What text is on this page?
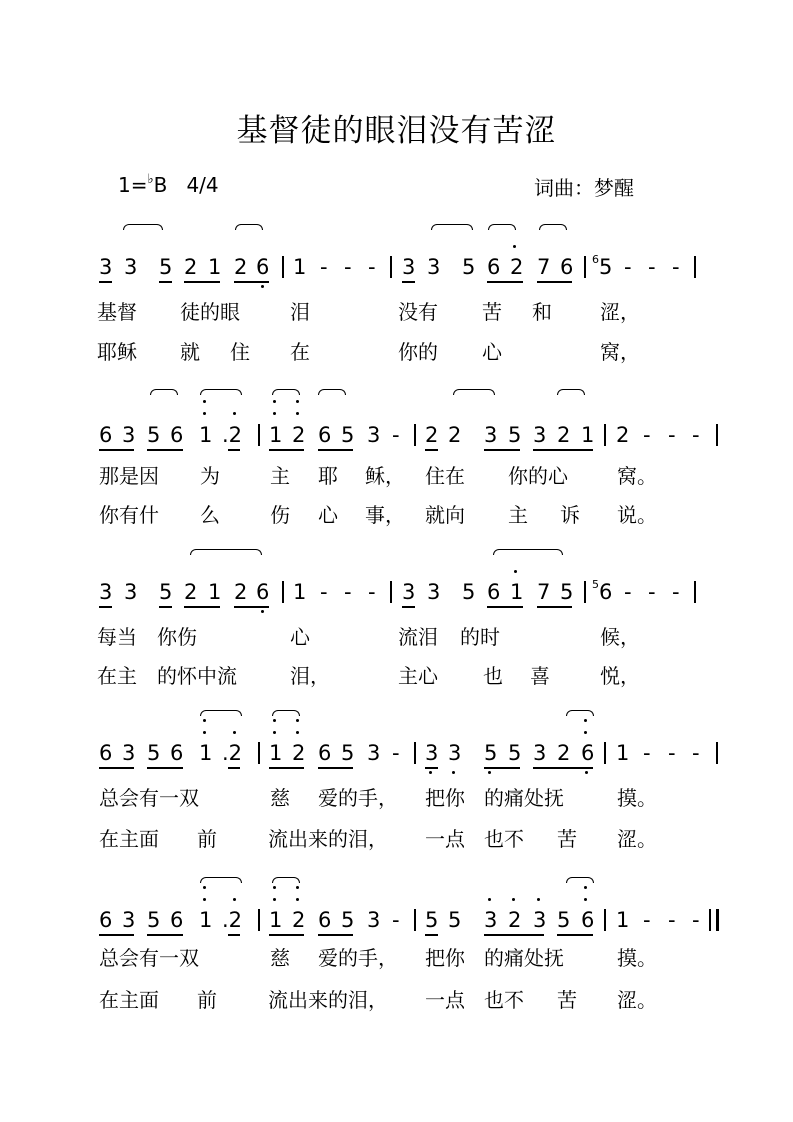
基督徒的眼泪没有苦涩
1=♭B 4/4	词曲：梦醒
3 3 5 2 1 2 6 1 - - - 3 3 5 6 2 7 6 6 5 - - -
基督 徒的眼	泪	没有 苦 和 涩，
耶稣 就 住 在	你的 心	窝，
6 3 5 6 1 .2 1 2 6 5 3 - 2 2 3 5 3 2 1 2 - - -
那是因 为	主 耶 稣， 住在 你的心 窝。
你有什 么	伤 心 事， 就向 主 诉 说。
3 3 5 2 1 2 6 1 - - - 3 3 5 6 1 7 5 5 6 - - -
每当 你伤	心	流泪 的时	候，
在主 的怀中流	泪，	主心 也 喜	悦，
6 3 5 6 1 .2 1 2 6 5 3 - 3 3 5 5 3 2 6 1 - - -
总会有一双	慈 爱的手， 把你 的痛处抚	摸。
在主面 前	流出来的泪， 一点 也不 苦 涩。
6 3 5 6 1 .2 1 2 6 5 3 - 5 5 3 2 3 5 6 1 - - -
总会有一双	慈 爱的手， 把你 的痛处抚	摸。
在主面 前	流出来的泪， 一点 也不 苦 涩。
